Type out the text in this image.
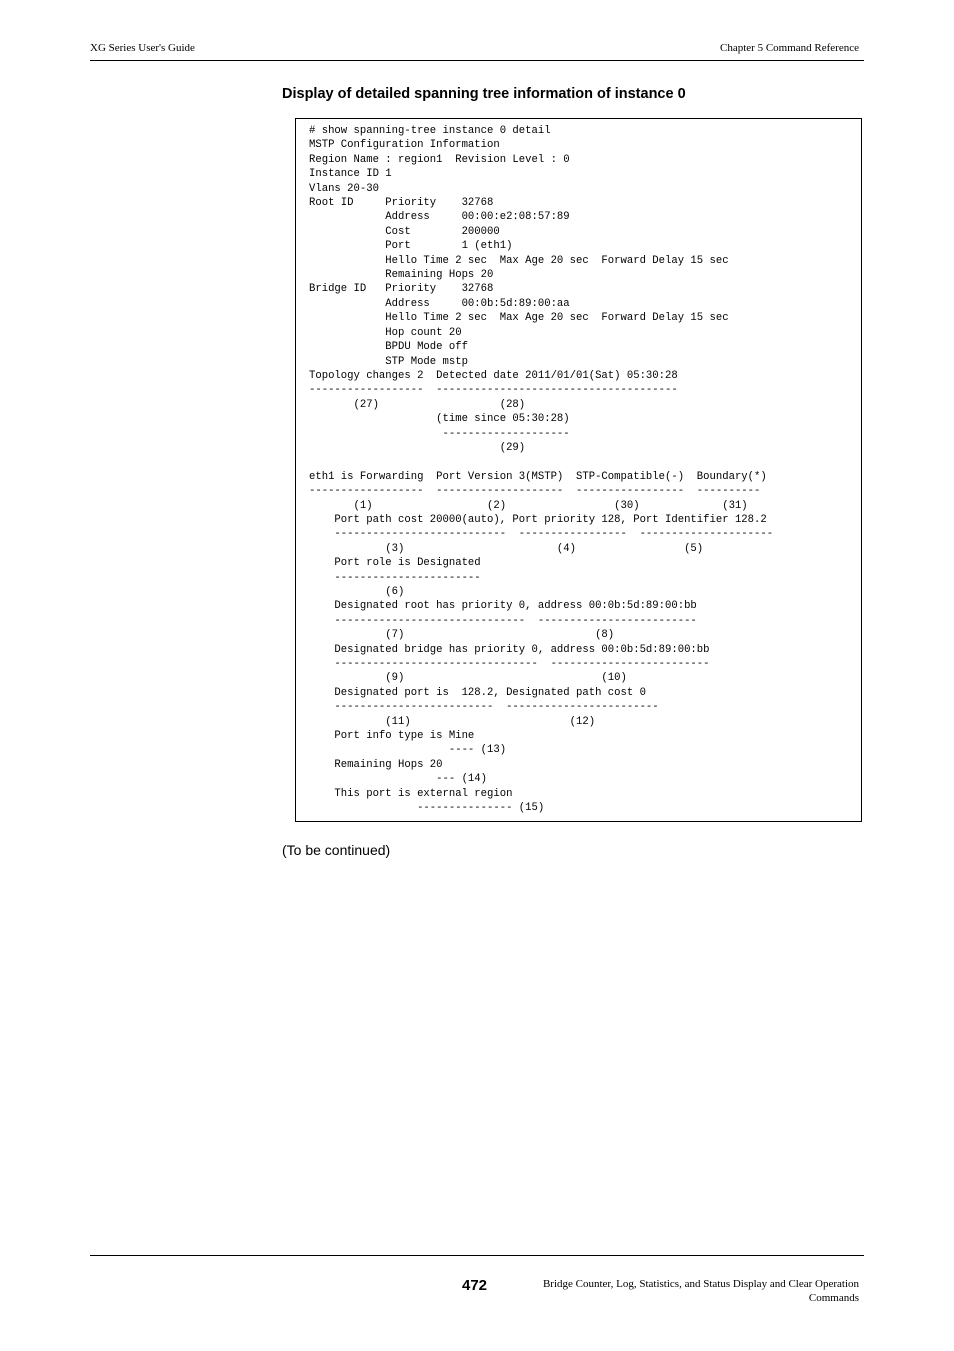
XG Series User's Guide	Chapter 5 Command Reference
Display of detailed spanning tree information of instance 0
# show spanning-tree instance 0 detail
MSTP Configuration Information
Region Name : region1  Revision Level : 0
Instance ID 1
Vlans 20-30
Root ID     Priority    32768
Address     00:00:e2:08:57:89
Cost        200000
Port        1 (eth1)
Hello Time 2 sec  Max Age 20 sec  Forward Delay 15 sec
Remaining Hops 20
Bridge ID   Priority    32768
Address     00:0b:5d:89:00:aa
Hello Time 2 sec  Max Age 20 sec  Forward Delay 15 sec
Hop count 20
BPDU Mode off
STP Mode mstp
Topology changes 2  Detected date 2011/01/01(Sat) 05:30:28
------------------  --------------------------------------
(27)                   (28)
(time since 05:30:28)
--------------------
(29)

eth1 is Forwarding  Port Version 3(MSTP)  STP-Compatible(-)  Boundary(*)
------------------  --------------------  -----------------  ----------
(1)                  (2)                 (30)             (31)
Port path cost 20000(auto), Port priority 128, Port Identifier 128.2
---------------------------  -----------------  ---------------------
(3)                        (4)                 (5)
Port role is Designated
-----------------------
(6)
Designated root has priority 0, address 00:0b:5d:89:00:bb
------------------------------  -------------------------
(7)                              (8)
Designated bridge has priority 0, address 00:0b:5d:89:00:bb
--------------------------------  -------------------------
(9)                               (10)
Designated port is  128.2, Designated path cost 0
-------------------------  ------------------------
(11)                         (12)
Port info type is Mine
---- (13)
Remaining Hops 20
--- (14)
This port is external region
--------------- (15)
(To be continued)
472	Bridge Counter, Log, Statistics, and Status Display and Clear Operation
Commands
